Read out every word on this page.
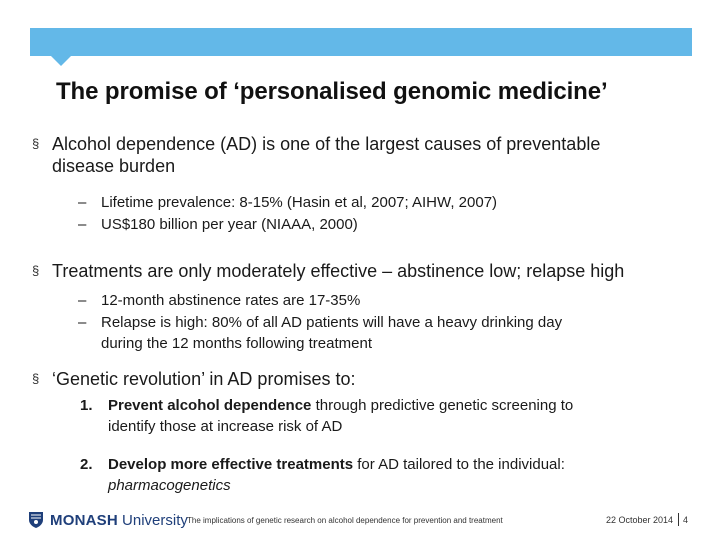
The promise of ‘personalised genomic medicine’
§ Alcohol dependence (AD) is one of the largest causes of preventable
disease burden
– Lifetime prevalence: 8-15% (Hasin et al, 2007; AIHW, 2007)
– US$180 billion per year (NIAAA, 2000)
§ Treatments are only moderately effective – abstinence low; relapse high
– 12-month abstinence rates are 17-35%
– Relapse is high: 80% of all AD patients will have a heavy drinking day
during the 12 months following treatment
§ ‘Genetic revolution’ in AD promises to:
1. Prevent alcohol dependence through predictive genetic screening to
identify those at increase risk of AD
2. Develop more effective treatments for AD tailored to the individual:
pharmacogenetics
MONASH University The implications of genetic research on alcohol dependence for prevention and treatment	22 October 2014 4
